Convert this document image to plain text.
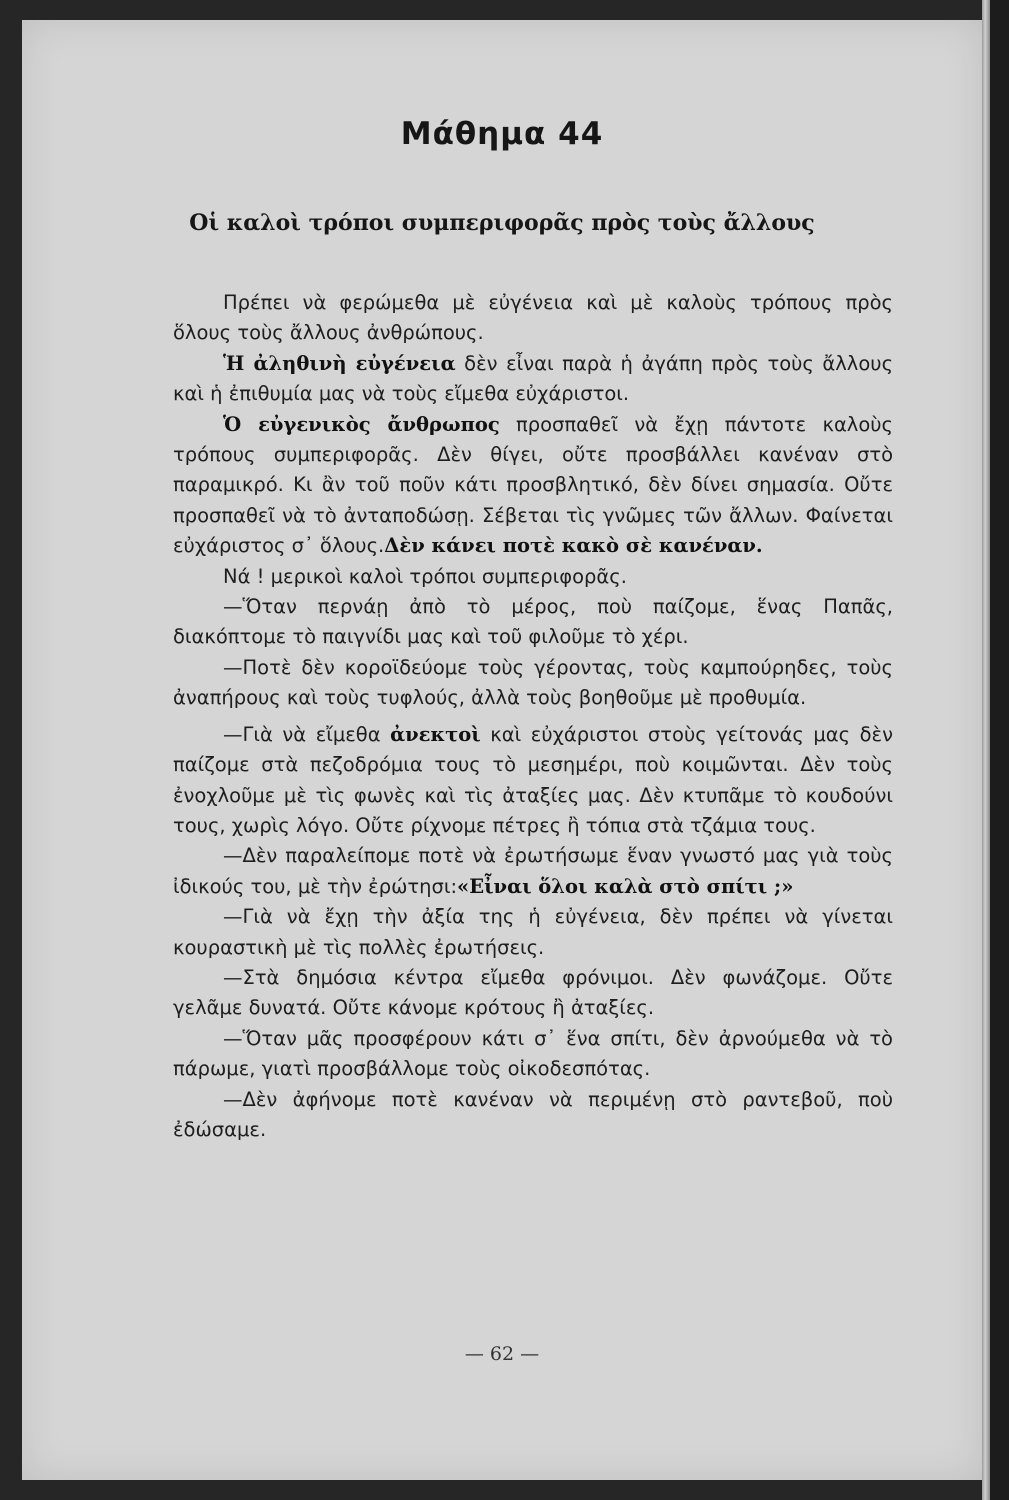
Μάθημα 44
Οἱ καλοὶ τρόποι συμπεριφορᾶς πρὸς τοὺς ἄλλους

Πρέπει νὰ φερώμεθα μὲ εὐγένεια καὶ μὲ καλοὺς τρόπους πρὸς ὅλους τοὺς ἄλλους ἀνθρώπους.

Ἡ ἀληθινὴ εὐγένεια δὲν εἶναι παρὰ ἡ ἀγάπη πρὸς τοὺς ἄλλους καὶ ἡ ἐπιθυμία μας νὰ τοὺς εἴμεθα εὐχάριστοι.

Ὁ εὐγενικὸς ἄνθρωπος προσπαθεῖ νὰ ἔχῃ πάντοτε καλοὺς τρόπους συμπεριφορᾶς. Δὲν θίγει, οὔτε προσβάλλει κανέναν στὸ παραμικρό. Κι ἂν τοῦ ποῦν κάτι προσβλητικό, δὲν δίνει σημασία. Οὔτε προσπαθεῖ νὰ τὸ ἀνταποδώσῃ. Σέβεται τὶς γνῶμες τῶν ἄλλων. Φαίνεται εὐχάριστος σ᾿ ὅλους.Δὲν κάνει ποτὲ κακὸ σὲ κανέναν.

Νά ! μερικοὶ καλοὶ τρόποι συμπεριφορᾶς.

—Ὅταν περνάῃ ἀπὸ τὸ μέρος, ποὺ παίζομε, ἕνας Παπᾶς, διακόπτομε τὸ παιγνίδι μας καὶ τοῦ φιλοῦμε τὸ χέρι.

—Ποτὲ δὲν κοροϊδεύομε τοὺς γέροντας, τοὺς καμπούρηδες, τοὺς ἀναπήρους καὶ τοὺς τυφλούς, ἀλλὰ τοὺς βοηθοῦμε μὲ προθυμία.

—Γιὰ νὰ εἴμεθα ἀνεκτοὶ καὶ εὐχάριστοι στοὺς γείτονάς μας δὲν παίζομε στὰ πεζοδρόμια τους τὸ μεσημέρι, ποὺ κοιμῶνται. Δὲν τοὺς ἐνοχλοῦμε μὲ τὶς φωνὲς καὶ τὶς ἀταξίες μας. Δὲν κτυπᾶμε τὸ κουδούνι τους, χωρὶς λόγο. Οὔτε ρίχνομε πέτρες ἢ τόπια στὰ τζάμια τους.

—Δὲν παραλείπομε ποτὲ νὰ ἐρωτήσωμε ἕναν γνωστό μας γιὰ τοὺς ἰδικούς του, μὲ τὴν ἐρώτησι:«Εἶναι ὅλοι καλὰ στὸ σπίτι ;»

—Γιὰ νὰ ἔχῃ τὴν ἀξία της ἡ εὐγένεια, δὲν πρέπει νὰ γίνεται κουραστικὴ μὲ τὶς πολλὲς ἐρωτήσεις.

—Στὰ δημόσια κέντρα εἴμεθα φρόνιμοι. Δὲν φωνάζομε. Οὔτε γελᾶμε δυνατά. Οὔτε κάνομε κρότους ἢ ἀταξίες.

—Ὅταν μᾶς προσφέρουν κάτι σ᾿ ἕνα σπίτι, δὲν ἀρνούμεθα νὰ τὸ πάρωμε, γιατὶ προσβάλλομε τοὺς οἰκοδεσπότας.

—Δὲν ἀφήνομε ποτὲ κανέναν νὰ περιμένῃ στὸ ραντεβοῦ, ποὺ ἐδώσαμε.

— 62 —
